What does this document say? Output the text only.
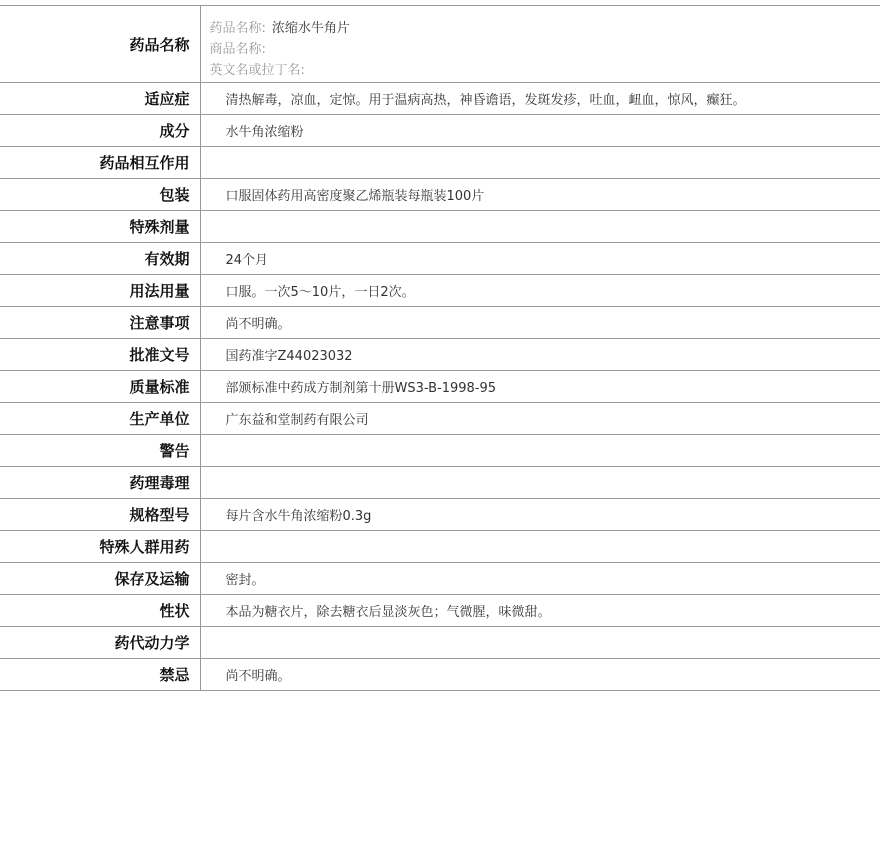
药品名称	药品名称: 浓缩水牛角片
商品名称:
英文名或拉丁名:

适应症	清热解毒，凉血，定惊。用于温病高热，神昏谵语，发斑发疹，吐血，衄血，惊风，癫狂。
成分	水牛角浓缩粉
药品相互作用	
包装	口服固体药用高密度聚乙烯瓶装每瓶装100片
特殊剂量	
有效期	24个月
用法用量	口服。一次5～10片，一日2次。
注意事项	尚不明确。
批准文号	国药准字Z44023032
质量标准	部颁标准中药成方制剂第十册WS3-B-1998-95
生产单位	广东益和堂制药有限公司
警告	
药理毒理	
规格型号	每片含水牛角浓缩粉0.3g
特殊人群用药	
保存及运输	密封。
性状	本品为糖衣片，除去糖衣后显淡灰色；气微腥，味微甜。
药代动力学	
禁忌	尚不明确。
